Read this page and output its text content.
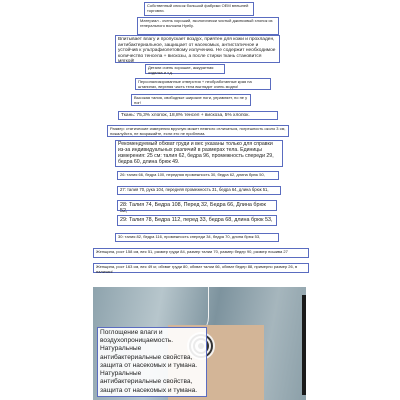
Собственный список большой фабрики OEM внешней торговли.
Материал - очень хороший, экологически чистый джинсовый хлопок из генерального волокна Hyelly.
Впитывает влагу и пропускает воздух, приятен для кожи и прохладен, антибактериальное, защищает от насекомых, антистатичное и устойчив к ультрафиолетовому излучению. Не содержит необходимое количество тенсела + вискозы, а после стирки ткань становится мягкой!
Детали очень хорошие, аккуратная отделка и т.д.
Персонализированные отверстия + необработанные края на штанинах, верхняя часть тела выглядит очень модно!
Высокая талия, свободные широкие ноги, управляет, но не у ног!
Ткань: 75,3% хлопок, 18,8% тенсел + вискоза, 5% хлопок.
Размер: статические измерения вручную может немного отличаться, погрешность около 3 см, пожалуйста, не возражайте, если это не проблема.
Рекомендуемый обхват груди и вес указаны только для справки из-за индивидуальных различий в размерах тела. Единицы измерения: 25 см: талия 62, бедра 96, промежность спереди 29, бедра 60, длина брюк 49.
26: талия 66, бедра 100, передняя промежность 30, бедра 62, длина брюк 50,
27: талия 70, рука 104, передняя промежность 31, бедра 64, длина брюк 51,
28: Талия 74, Бедра 108, Перед 32, Бедра 66, Длина брюк 52,
29: Талия 78, Бедра 112, перед 33, бедра 68, длина брюк 53,
30: талия 82, бедра 116, промежность спереди 34, бедра 70, длина брюк 53,
Женщина, рост 158 см, вес 51, размер груди 84, размер талии 70, размер бедер 90, размер пошива 27
Женщина, рост 163 см, вес 49 кг, обхват груди 80, обхват талии 66, обхват бедер 88, примерно размер 26, в наличии!
Поглощение влаги и воздухопроницаемость. Натуральные антибактериальные свойства, защита от насекомых и тумана. Натуральные антибактериальные свойства, защита от насекомых и тумана.
